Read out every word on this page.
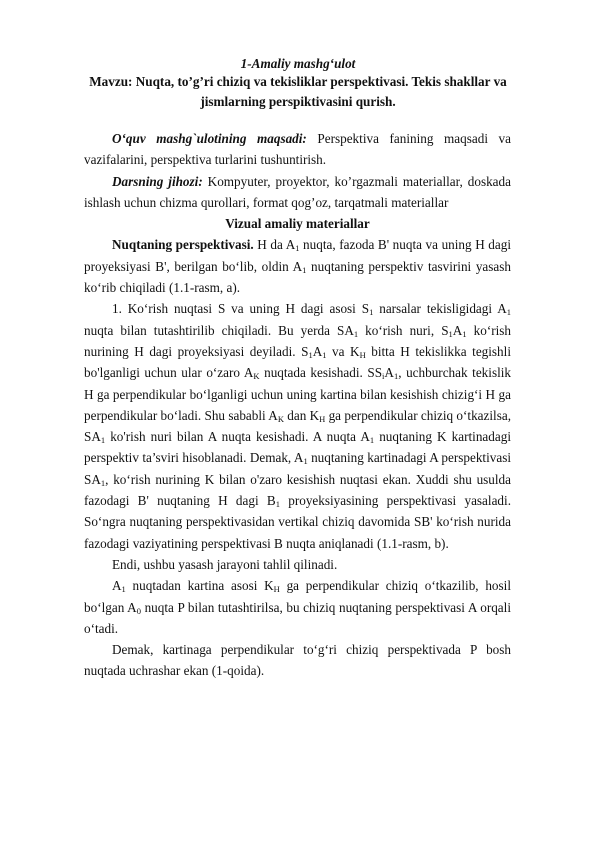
1-Amaliy mashg‘ulot
Mavzu: Nuqta, to’g’ri chiziq va tekisliklar perspektivasi. Tekis shakllar va
jismlarning perspiktivasini qurish.

O‘quv mashg`ulotining maqsadi: Perspektiva fanining maqsadi va vazifalarini, perspektiva turlarini tushuntirish.

Darsning jihozi: Kompyuter, proyektor, ko’rgazmali materiallar, doskada ishlash uchun chizma qurollari, format qog’oz, tarqatmali materiallar

Vizual amaliy materiallar

Nuqtaning perspektivasi. H da $A_1$ nuqta, fazoda B' nuqta va uning H dagi proyeksiyasi B', berilgan bo‘lib, oldin $A_1$ nuqtaning perspektiv tasvirini yasash ko‘rib chiqiladi (1.1-rasm, a).

1. Ko‘rish nuqtasi S va uning H dagi asosi $S_1$ narsalar tekisligidagi $A_1$ nuqta bilan tutashtirilib chiqiladi. Bu yerda $SA_1$ ko‘rish nuri, $S_1A_1$ ko‘rish nurining H dagi proyeksiyasi deyiladi. $S_1A_1$ va $K_H$ bitta H tekislikka tegishli bo'lganligi uchun ular o‘zaro $A_K$ nuqtada kesishadi. $SS_iA_1$, uchburchak tekislik H ga perpendikular bo‘lganligi uchun uning kartina bilan kesishish chizig‘i H ga perpendikular bo‘ladi. Shu sababli $A_K$ dan $K_H$ ga perpendikular chiziq o‘tkazilsa, $SA_1$ ko'rish nuri bilan A nuqta kesishadi. A nuqta $A_1$ nuqtaning K kartinadagi perspektiv ta’sviri hisoblanadi. Demak, $A_1$ nuqtaning kartinadagi A perspektivasi $SA_1$, ko‘rish nurining K bilan o'zaro kesishish nuqtasi ekan. Xuddi shu usulda fazodagi B' nuqtaning H dagi $B_1$ proyeksiyasining perspektivasi yasaladi. So‘ngra nuqtaning perspektivasidan vertikal chiziq davomida SB' ko‘rish nurida fazodagi vaziyatining perspektivasi B nuqta aniqlanadi (1.1-rasm, b).

Endi, ushbu yasash jarayoni tahlil qilinadi.

$A_1$ nuqtadan kartina asosi $K_H$ ga perpendikular chiziq o‘tkazilib, hosil bo‘lgan $A_0$ nuqta P bilan tutashtirilsa, bu chiziq nuqtaning perspektivasi A orqali o‘tadi.

Demak, kartinaga perpendikular to‘g‘ri chiziq perspektivada P bosh nuqtada uchrashar ekan (1-qoida).
